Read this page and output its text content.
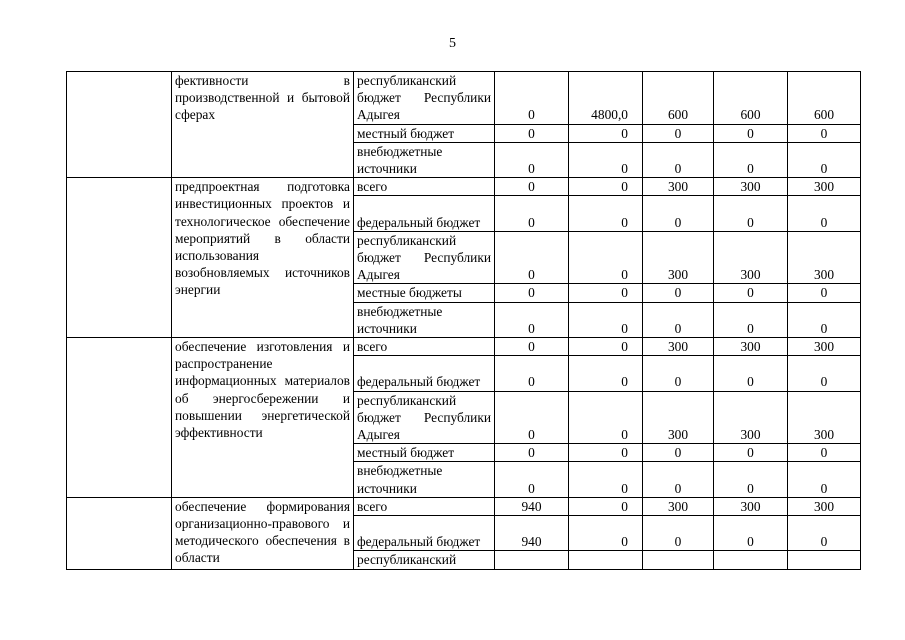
5
	фективности в производственной и бытовой сферах	республиканский бюджет Республики Адыгея	0	4800,0	600	600	600
		местный бюджет	0	0	0	0	0
		внебюджетные источники	0	0	0	0	0
	предпроектная подготовка инвестиционных проектов и технологическое обеспечение мероприятий в области использования возобновляемых источников энергии	всего	0	0	300	300	300
		федеральный бюджет	0	0	0	0	0
		республиканский бюджет Республики Адыгея	0	0	300	300	300
		местные бюджеты	0	0	0	0	0
		внебюджетные источники	0	0	0	0	0
	обеспечение изготовления и распространение информационных материалов об энергосбережении и повышении энергетической эффективности	всего	0	0	300	300	300
		федеральный бюджет	0	0	0	0	0
		республиканский бюджет Республики Адыгея	0	0	300	300	300
		местный бюджет	0	0	0	0	0
		внебюджетные источники	0	0	0	0	0
	обеспечение формирования организационно-правового и методического обеспечения в области	всего	940	0	300	300	300
		федеральный бюджет	940	0	0	0	0
		республиканский					
